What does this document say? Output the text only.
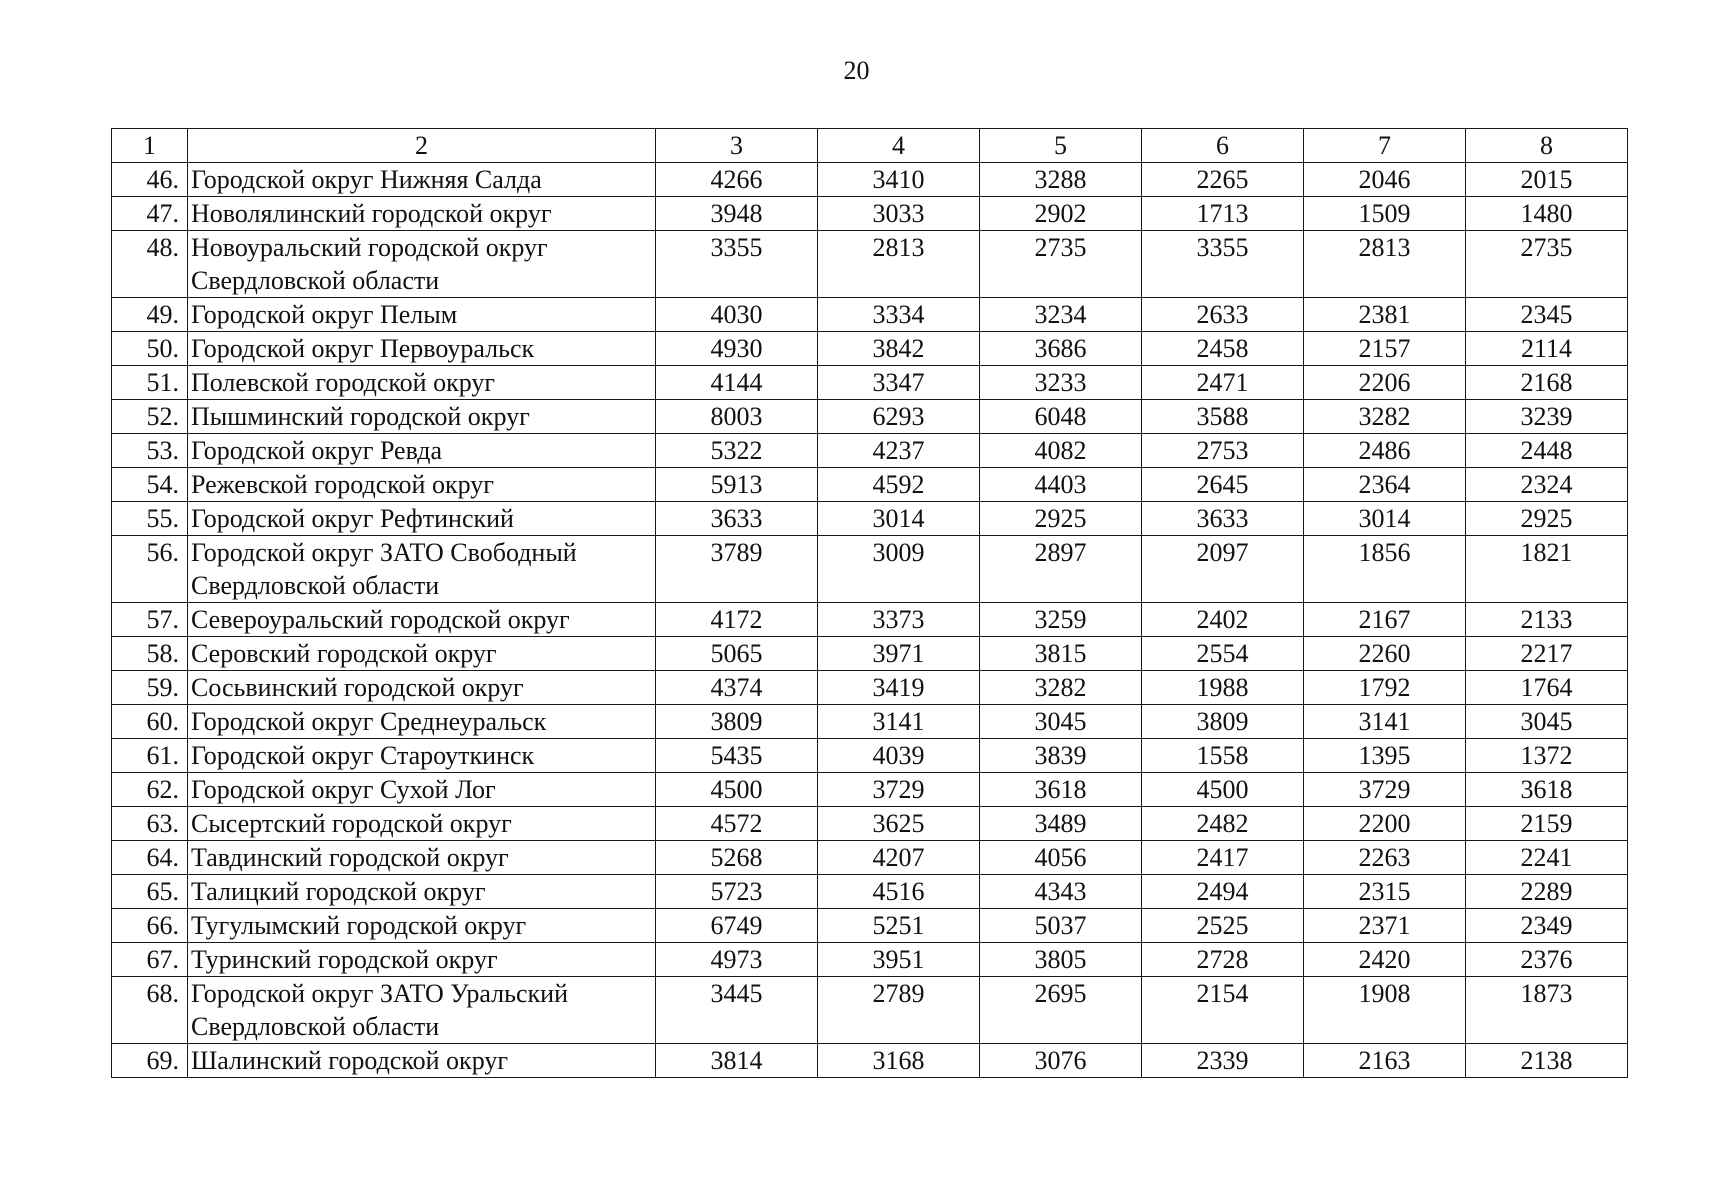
20
1	2	3	4	5	6	7	8
46.	Городской округ Нижняя Салда	4266	3410	3288	2265	2046	2015
47.	Новолялинский городской округ	3948	3033	2902	1713	1509	1480
48.	Новоуральский городской округ Свердловской области	3355	2813	2735	3355	2813	2735
49.	Городской округ Пелым	4030	3334	3234	2633	2381	2345
50.	Городской округ Первоуральск	4930	3842	3686	2458	2157	2114
51.	Полевской городской округ	4144	3347	3233	2471	2206	2168
52.	Пышминский городской округ	8003	6293	6048	3588	3282	3239
53.	Городской округ Ревда	5322	4237	4082	2753	2486	2448
54.	Режевской городской округ	5913	4592	4403	2645	2364	2324
55.	Городской округ Рефтинский	3633	3014	2925	3633	3014	2925
56.	Городской округ ЗАТО Свободный Свердловской области	3789	3009	2897	2097	1856	1821
57.	Североуральский городской округ	4172	3373	3259	2402	2167	2133
58.	Серовский городской округ	5065	3971	3815	2554	2260	2217
59.	Сосьвинский городской округ	4374	3419	3282	1988	1792	1764
60.	Городской округ Среднеуральск	3809	3141	3045	3809	3141	3045
61.	Городской округ Староуткинск	5435	4039	3839	1558	1395	1372
62.	Городской округ Сухой Лог	4500	3729	3618	4500	3729	3618
63.	Сысертский городской округ	4572	3625	3489	2482	2200	2159
64.	Тавдинский городской округ	5268	4207	4056	2417	2263	2241
65.	Талицкий городской округ	5723	4516	4343	2494	2315	2289
66.	Тугулымский городской округ	6749	5251	5037	2525	2371	2349
67.	Туринский городской округ	4973	3951	3805	2728	2420	2376
68.	Городской округ ЗАТО Уральский Свердловской области	3445	2789	2695	2154	1908	1873
69.	Шалинский городской округ	3814	3168	3076	2339	2163	2138
